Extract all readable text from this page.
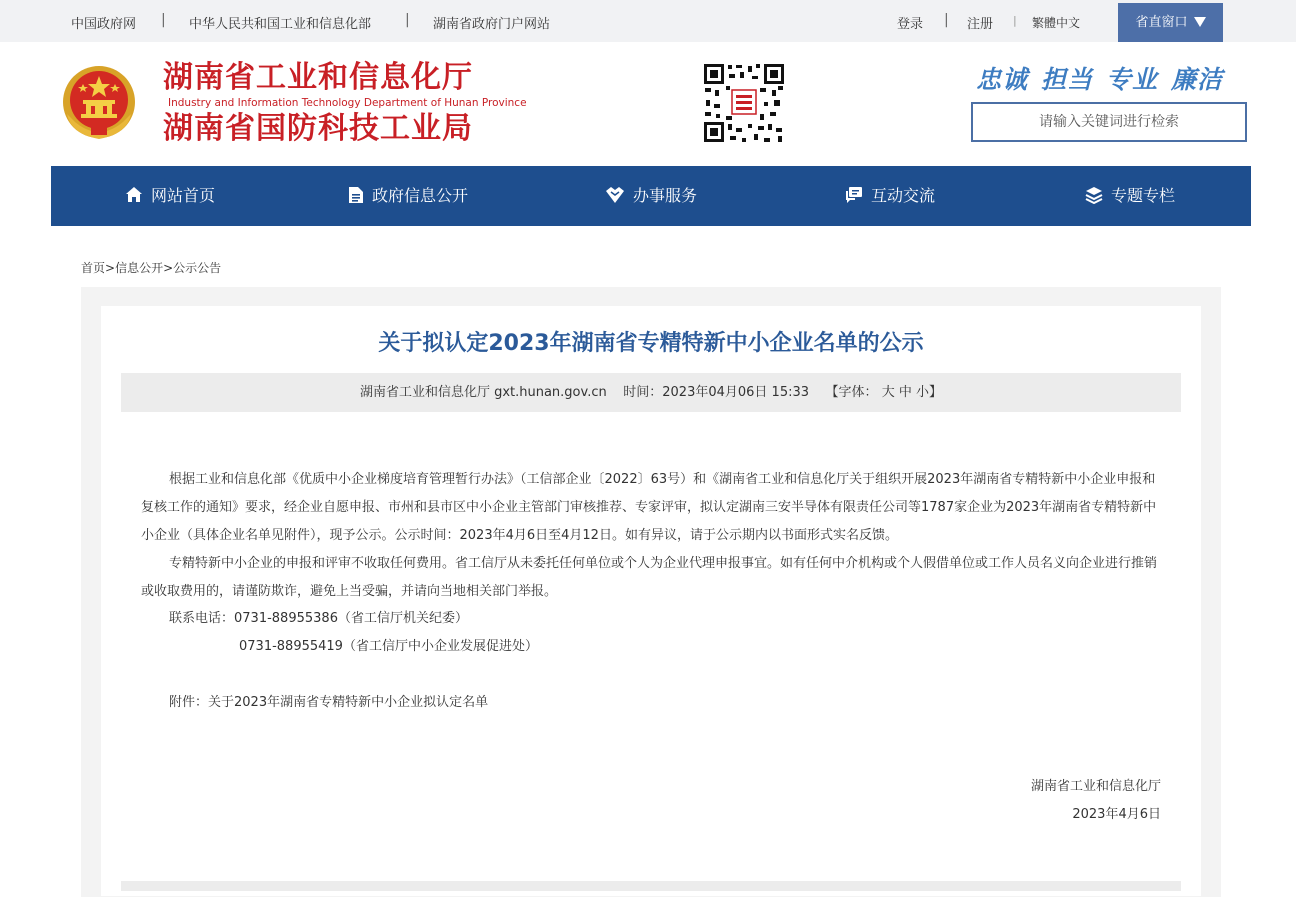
中国政府网 | 中华人民共和国工业和信息化部 | 湖南省政府门户网站	登录 | 注册 | 繁體中文	省直窗口
湖南省工业和信息化厅
Industry and Information Technology Department of Hunan Province
湖南省国防科技工业局
忠诚 担当 专业 廉洁
请输入关键词进行检索
网站首页	政府信息公开	办事服务	互动交流	专题专栏
首页>信息公开>公示公告
关于拟认定2023年湖南省专精特新中小企业名单的公示
湖南省工业和信息化厅 gxt.hunan.gov.cn 时间：2023年04月06日 15:33 【字体： 大 中 小】

根据工业和信息化部《优质中小企业梯度培育管理暂行办法》（工信部企业〔2022〕63号）和《湖南省工业和信息化厅关于组织开展2023年湖南省专精特新中小企业申报和复核工作的通知》要求，经企业自愿申报、市州和县市区中小企业主管部门审核推荐、专家评审，拟认定湖南三安半导体有限责任公司等1787家企业为2023年湖南省专精特新中小企业（具体企业名单见附件），现予公示。公示时间：2023年4月6日至4月12日。如有异议，请于公示期内以书面形式实名反馈。

专精特新中小企业的申报和评审不收取任何费用。省工信厅从未委托任何单位或个人为企业代理申报事宜。如有任何中介机构或个人假借单位或工作人员名义向企业进行推销或收取费用的，请谨防欺诈，避免上当受骗，并请向当地相关部门举报。

联系电话：0731-88955386（省工信厅机关纪委）
0731-88955419（省工信厅中小企业发展促进处）
附件：关于2023年湖南省专精特新中小企业拟认定名单
湖南省工业和信息化厅
2023年4月6日
